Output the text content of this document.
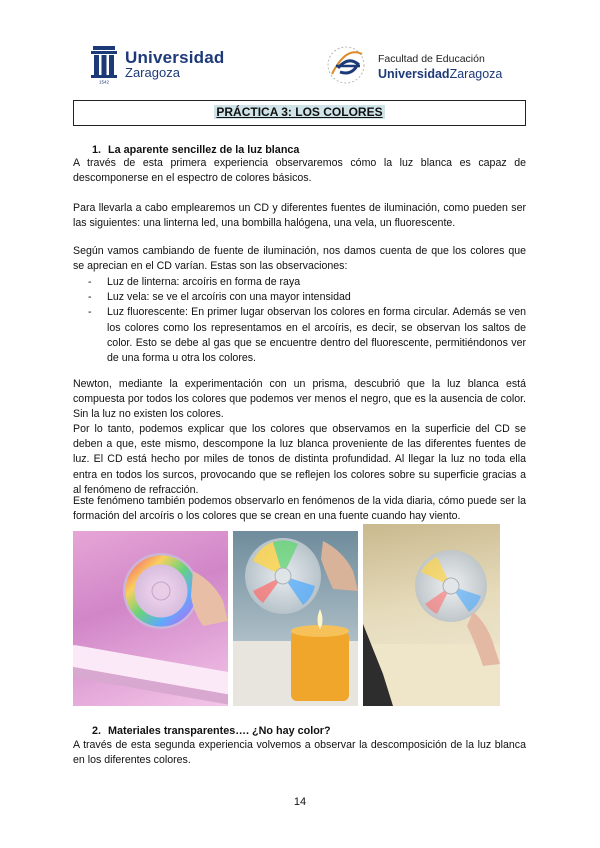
1542
Universidad
Zaragoza
Facultad de Educación
UniversidadZaragoza
PRÁCTICA 3: LOS COLORES
1. La aparente sencillez de la luz blanca
A través de esta primera experiencia observaremos cómo la luz blanca es capaz de descomponerse en el espectro de colores básicos.
Para llevarla a cabo emplearemos un CD y diferentes fuentes de iluminación, como pueden ser las siguientes: una linterna led, una bombilla halógena, una vela, un fluorescente.
Según vamos cambiando de fuente de iluminación, nos damos cuenta de que los colores que se aprecian en el CD varían. Estas son las observaciones:
- Luz de linterna: arcoíris en forma de raya
- Luz vela: se ve el arcoíris con una mayor intensidad
- Luz fluorescente: En primer lugar observan los colores en forma circular. Además se ven los colores como los representamos en el arcoíris, es decir, se observan los saltos de color. Esto se debe al gas que se encuentre dentro del fluorescente, permitiéndonos ver de una forma u otra los colores.
Newton, mediante la experimentación con un prisma, descubrió que la luz blanca está compuesta por todos los colores que podemos ver menos el negro, que es la ausencia de color. Sin la luz no existen los colores.
Por lo tanto, podemos explicar que los colores que observamos en la superficie del CD se deben a que, este mismo, descompone la luz blanca proveniente de las diferentes fuentes de luz. El CD está hecho por miles de tonos de distinta profundidad. Al llegar la luz no toda ella entra en todos los surcos, provocando que se reflejen los colores sobre su superficie gracias a al fenómeno de refracción.
Este fenómeno también podemos observarlo en fenómenos de la vida diaria, cómo puede ser la formación del arcoíris o los colores que se crean en una fuente cuando hay viento.
2. Materiales transparentes…. ¿No hay color?
A través de esta segunda experiencia volvemos a observar la descomposición de la luz blanca en los diferentes colores.
14
